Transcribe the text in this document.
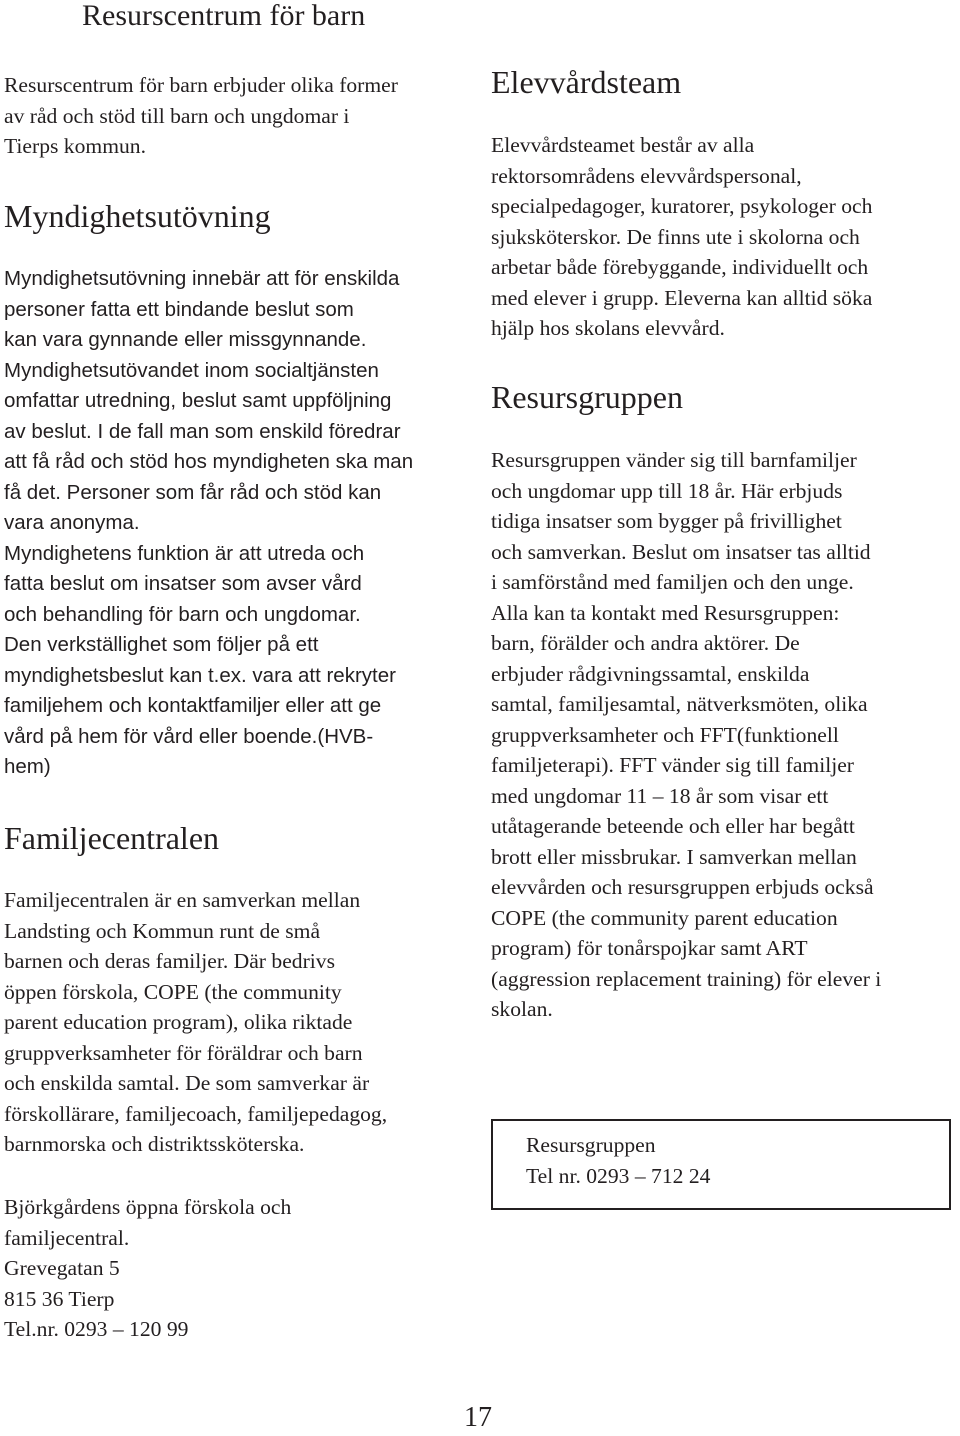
Resurscentrum för barn

Resurscentrum för barn erbjuder olika former
av råd och stöd till barn och ungdomar i
Tierps kommun.

Myndighetsutövning

Myndighetsutövning innebär att för enskilda
personer fatta ett bindande beslut som
kan vara gynnande eller missgynnande.
Myndighetsutövandet inom socialtjänsten
omfattar utredning, beslut samt uppföljning
av beslut. I de fall man som enskild föredrar
att få råd och stöd hos myndigheten ska man
få det. Personer som får råd och stöd kan
vara anonyma.
Myndighetens funktion är att utreda och
fatta beslut om insatser som avser vård
och behandling för barn och ungdomar.
Den verkställighet som följer på ett
myndighetsbeslut kan t.ex. vara att rekryter
familjehem och kontaktfamiljer eller att ge
vård på hem för vård eller boende.(HVB-
hem)

Familjecentralen

Familjecentralen är en samverkan mellan
Landsting och Kommun runt de små
barnen och deras familjer. Där bedrivs
öppen förskola, COPE (the community
parent education program), olika riktade
gruppverksamheter för föräldrar och barn
och enskilda samtal. De som samverkar är
förskollärare, familjecoach, familjepedagog,
barnmorska och distriktssköterska.

Björkgårdens öppna förskola och
familjecentral.
Grevegatan 5
815 36 Tierp
Tel.nr. 0293 – 120 99

Elevvårdsteam

Elevvårdsteamet består av alla
rektorsområdens elevvårdspersonal,
specialpedagoger, kuratorer, psykologer och
sjuksköterskor. De finns ute i skolorna och
arbetar både förebyggande, individuellt och
med elever i grupp. Eleverna kan alltid söka
hjälp hos skolans elevvård.

Resursgruppen

Resursgruppen vänder sig till barnfamiljer
och ungdomar upp till 18 år. Här erbjuds
tidiga insatser som bygger på frivillighet
och samverkan. Beslut om insatser tas alltid
i samförstånd med familjen och den unge.
Alla kan ta kontakt med Resursgruppen:
barn, förälder och andra aktörer. De
erbjuder rådgivningssamtal, enskilda
samtal, familjesamtal, nätverksmöten, olika
gruppverksamheter och FFT(funktionell
familjeterapi). FFT vänder sig till familjer
med ungdomar 11 – 18 år som visar ett
utåtagerande beteende och eller har begått
brott eller missbrukar. I samverkan mellan
elevvården och resursgruppen erbjuds också
COPE (the community parent education
program) för tonårspojkar samt ART
(aggression replacement training) för elever i
skolan.

Resursgruppen
Tel nr. 0293 – 712 24

17
